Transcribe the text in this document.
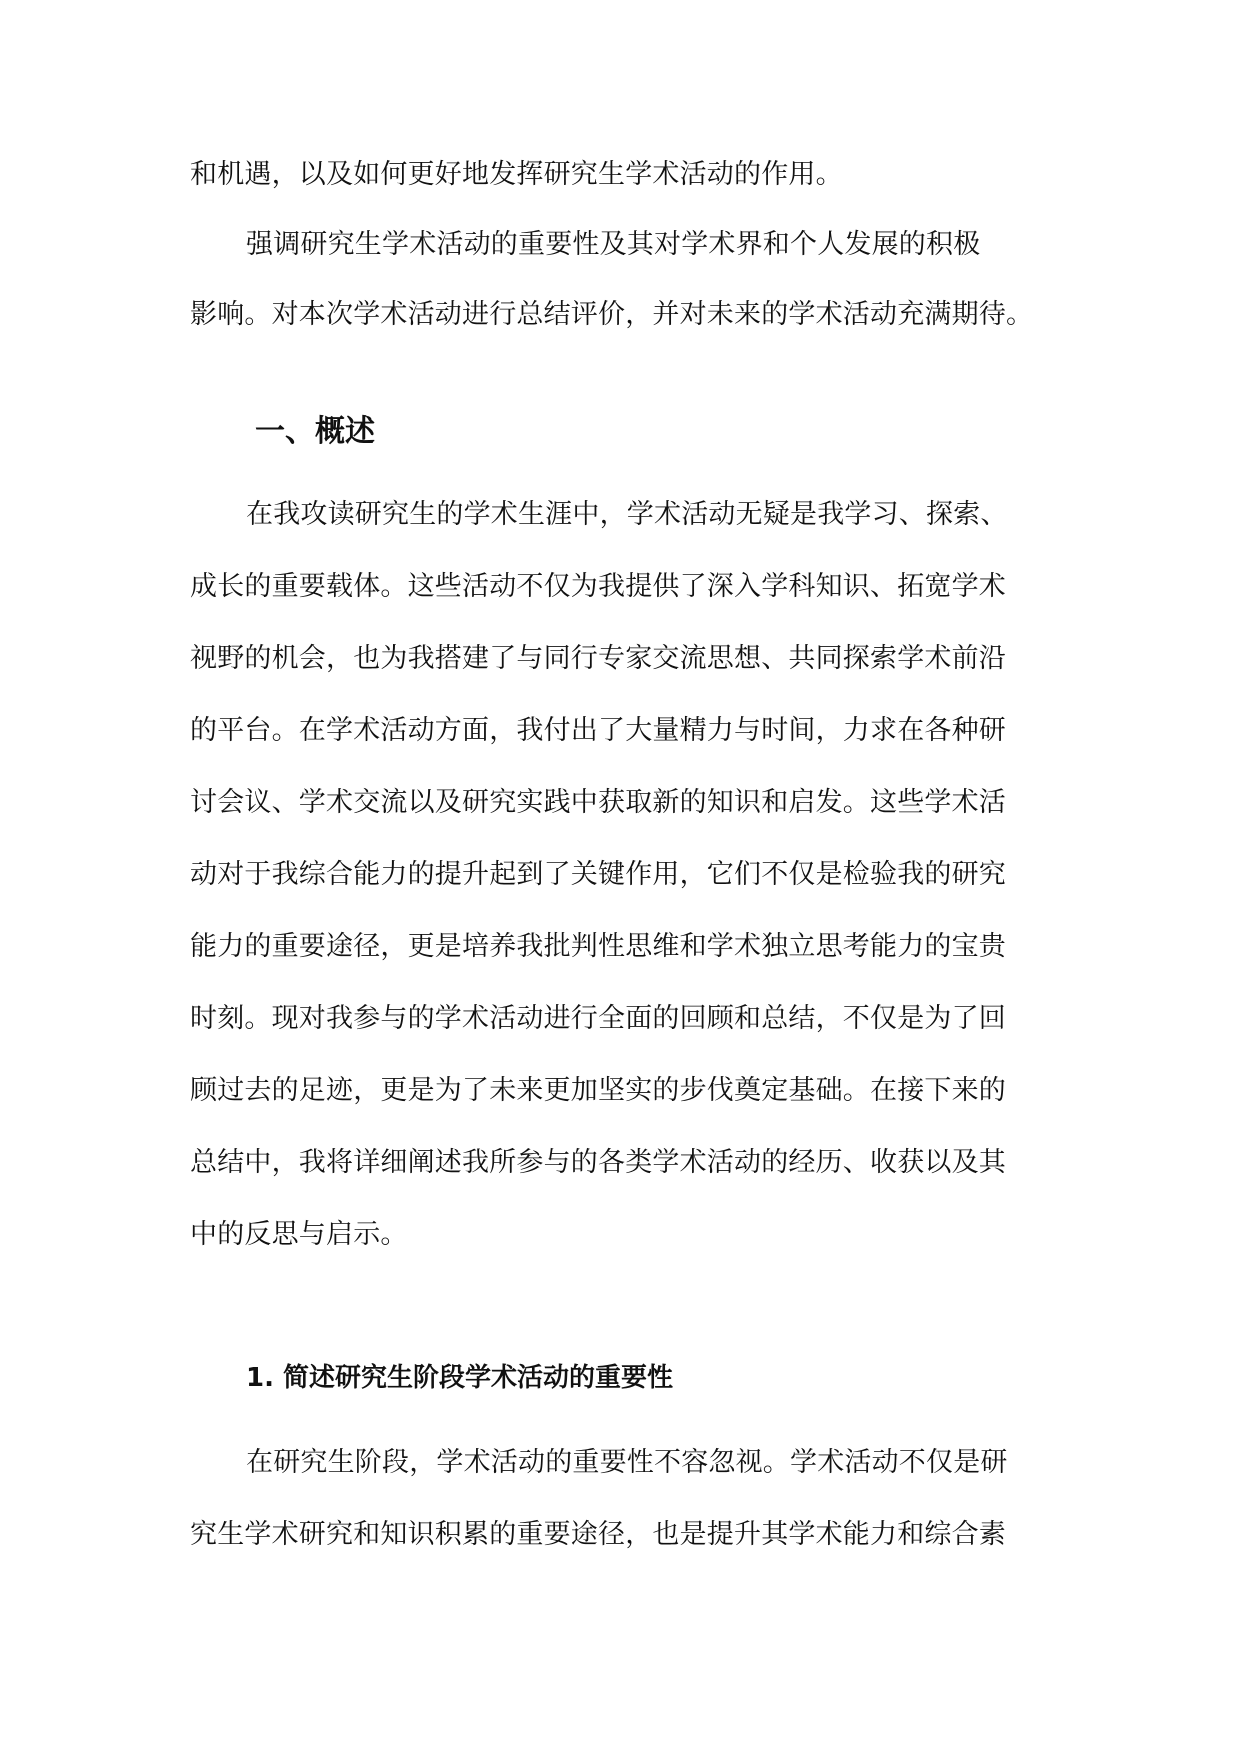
和机遇，以及如何更好地发挥研究生学术活动的作用。
强调研究生学术活动的重要性及其对学术界和个人发展的积极
影响。对本次学术活动进行总结评价，并对未来的学术活动充满期待。
一、概述
在我攻读研究生的学术生涯中，学术活动无疑是我学习、探索、
成长的重要载体。这些活动不仅为我提供了深入学科知识、拓宽学术
视野的机会，也为我搭建了与同行专家交流思想、共同探索学术前沿
的平台。在学术活动方面，我付出了大量精力与时间，力求在各种研
讨会议、学术交流以及研究实践中获取新的知识和启发。这些学术活
动对于我综合能力的提升起到了关键作用，它们不仅是检验我的研究
能力的重要途径，更是培养我批判性思维和学术独立思考能力的宝贵
时刻。现对我参与的学术活动进行全面的回顾和总结，不仅是为了回
顾过去的足迹，更是为了未来更加坚实的步伐奠定基础。在接下来的
总结中，我将详细阐述我所参与的各类学术活动的经历、收获以及其
中的反思与启示。
1. 简述研究生阶段学术活动的重要性
在研究生阶段，学术活动的重要性不容忽视。学术活动不仅是研
究生学术研究和知识积累的重要途径，也是提升其学术能力和综合素
